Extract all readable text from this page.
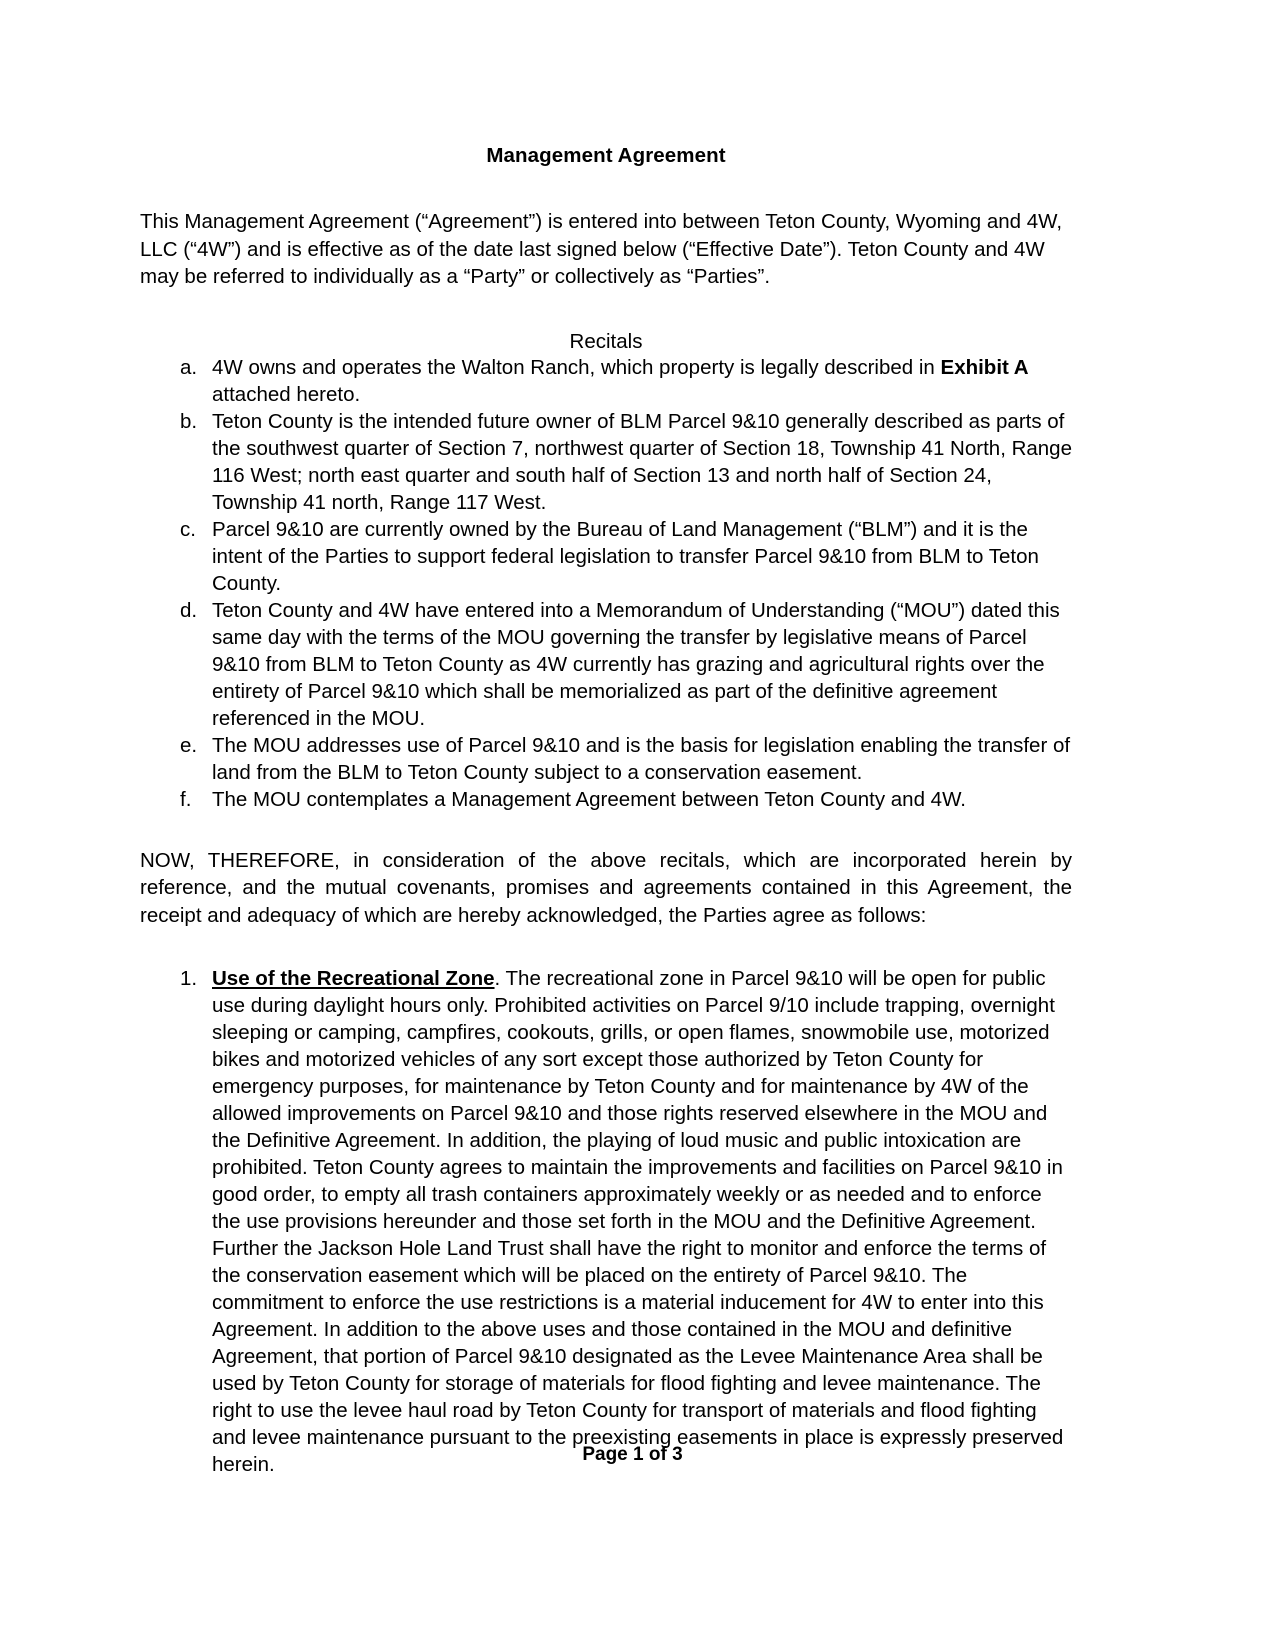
Management Agreement

This Management Agreement (“Agreement”) is entered into between Teton County, Wyoming and 4W, LLC (“4W”) and is effective as of the date last signed below (“Effective Date”). Teton County and 4W may be referred to individually as a “Party” or collectively as “Parties”.

Recitals
a. 4W owns and operates the Walton Ranch, which property is legally described in Exhibit A attached hereto.
b. Teton County is the intended future owner of BLM Parcel 9&10 generally described as parts of the southwest quarter of Section 7, northwest quarter of Section 18, Township 41 North, Range 116 West; north east quarter and south half of Section 13 and north half of Section 24, Township 41 north, Range 117 West.
c. Parcel 9&10 are currently owned by the Bureau of Land Management (“BLM”) and it is the intent of the Parties to support federal legislation to transfer Parcel 9&10 from BLM to Teton County.
d. Teton County and 4W have entered into a Memorandum of Understanding (“MOU”) dated this same day with the terms of the MOU governing the transfer by legislative means of Parcel 9&10 from BLM to Teton County as 4W currently has grazing and agricultural rights over the entirety of Parcel 9&10 which shall be memorialized as part of the definitive agreement referenced in the MOU.
e. The MOU addresses use of Parcel 9&10 and is the basis for legislation enabling the transfer of land from the BLM to Teton County subject to a conservation easement.
f.	The MOU contemplates a Management Agreement between Teton County and 4W.

NOW, THEREFORE, in consideration of the above recitals, which are incorporated herein by reference, and the mutual covenants, promises and agreements contained in this Agreement, the receipt and adequacy of which are hereby acknowledged, the Parties agree as follows:

1. Use of the Recreational Zone. The recreational zone in Parcel 9&10 will be open for public use during daylight hours only. Prohibited activities on Parcel 9/10 include trapping, overnight sleeping or camping, campfires, cookouts, grills, or open flames, snowmobile use, motorized bikes and motorized vehicles of any sort except those authorized by Teton County for emergency purposes, for maintenance by Teton County and for maintenance by 4W of the allowed improvements on Parcel 9&10 and those rights reserved elsewhere in the MOU and the Definitive Agreement. In addition, the playing of loud music and public intoxication are prohibited. Teton County agrees to maintain the improvements and facilities on Parcel 9&10 in good order, to empty all trash containers approximately weekly or as needed and to enforce the use provisions hereunder and those set forth in the MOU and the Definitive Agreement. Further the Jackson Hole Land Trust shall have the right to monitor and enforce the terms of the conservation easement which will be placed on the entirety of Parcel 9&10. The commitment to enforce the use restrictions is a material inducement for 4W to enter into this Agreement. In addition to the above uses and those contained in the MOU and definitive Agreement, that portion of Parcel 9&10 designated as the Levee Maintenance Area shall be used by Teton County for storage of materials for flood fighting and levee maintenance. The right to use the levee haul road by Teton County for transport of materials and flood fighting and levee maintenance pursuant to the preexisting easements in place is expressly preserved herein.	Page 1 of 3
